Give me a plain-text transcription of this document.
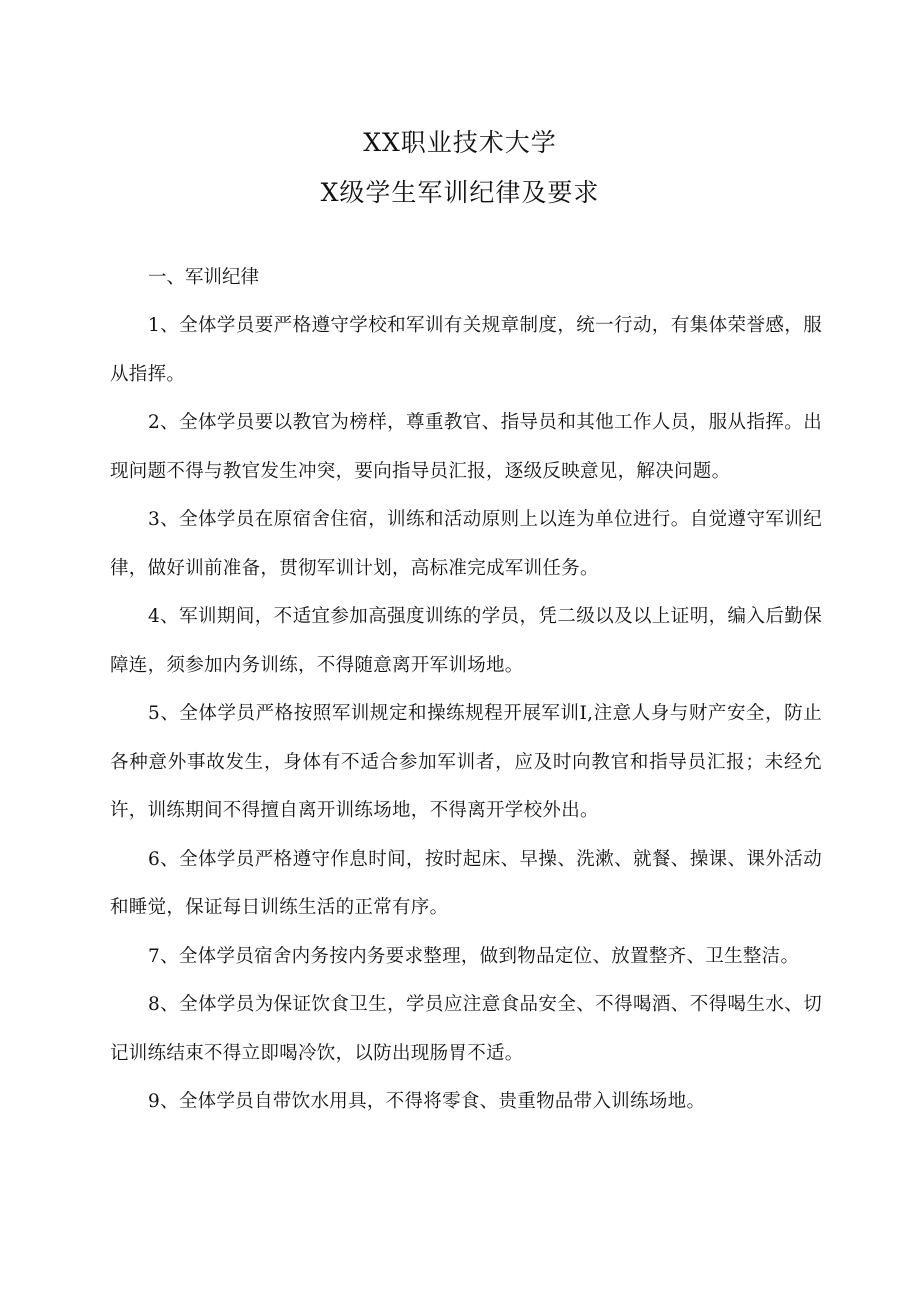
XX职业技术大学

X级学生军训纪律及要求

一、军训纪律

1、全体学员要严格遵守学校和军训有关规章制度，统一行动，有集体荣誉感，服从指挥。

2、全体学员要以教官为榜样，尊重教官、指导员和其他工作人员，服从指挥。出现问题不得与教官发生冲突，要向指导员汇报，逐级反映意见，解决问题。

3、全体学员在原宿舍住宿，训练和活动原则上以连为单位进行。自觉遵守军训纪律，做好训前准备，贯彻军训计划，高标准完成军训任务。

4、军训期间，不适宜参加高强度训练的学员，凭二级以及以上证明，编入后勤保障连，须参加内务训练，不得随意离开军训场地。

5、全体学员严格按照军训规定和操练规程开展军训I,注意人身与财产安全，防止各种意外事故发生，身体有不适合参加军训者，应及时向教官和指导员汇报；未经允许，训练期间不得擅自离开训练场地，不得离开学校外出。

6、全体学员严格遵守作息时间，按时起床、早操、洗漱、就餐、操课、课外活动和睡觉，保证每日训练生活的正常有序。

7、全体学员宿舍内务按内务要求整理，做到物品定位、放置整齐、卫生整洁。

8、全体学员为保证饮食卫生，学员应注意食品安全、不得喝酒、不得喝生水、切记训练结束不得立即喝冷饮，以防出现肠胃不适。

9、全体学员自带饮水用具，不得将零食、贵重物品带入训练场地。
